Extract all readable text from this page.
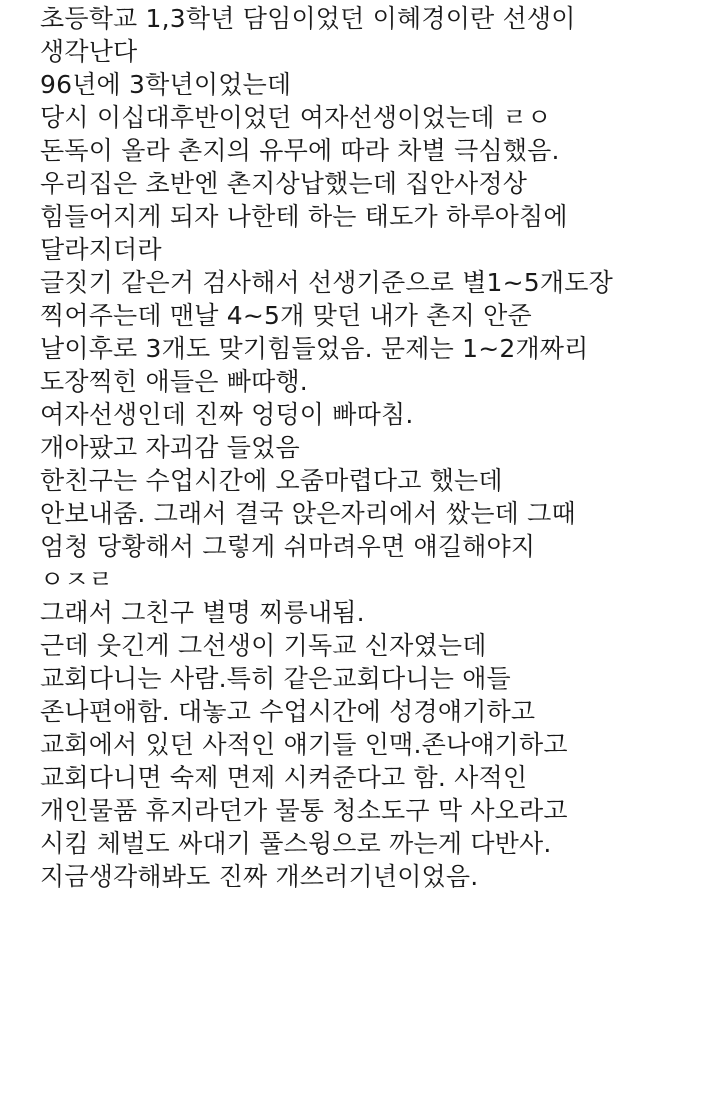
초등학교 1,3학년 담임이었던 이혜경이란 선생이
생각난다
96년에 3학년이었는데
당시 이십대후반이었던 여자선생이었는데 ㄹㅇ
돈독이 올라 촌지의 유무에 따라 차별 극심했음.
우리집은 초반엔 촌지상납했는데 집안사정상
힘들어지게 되자 나한테 하는 태도가 하루아침에
달라지더라
글짓기 같은거 검사해서 선생기준으로 별1~5개도장
찍어주는데 맨날 4~5개 맞던 내가 촌지 안준
날이후로 3개도 맞기힘들었음. 문제는 1~2개짜리
도장찍힌 애들은 빠따행.
여자선생인데 진짜 엉덩이 빠따침.
개아팠고 자괴감 들었음
한친구는 수업시간에 오줌마렵다고 했는데
안보내줌. 그래서 결국 앉은자리에서 쌌는데 그때
엄청 당황해서 그렇게 쉬마려우면 얘길해야지
ㅇㅈㄹ
그래서 그친구 별명 찌릉내됨.
근데 웃긴게 그선생이 기독교 신자였는데
교회다니는 사람.특히 같은교회다니는 애들
존나편애함. 대놓고 수업시간에 성경얘기하고
교회에서 있던 사적인 얘기들 인맥.존나얘기하고
교회다니면 숙제 면제 시켜준다고 함. 사적인
개인물품 휴지라던가 물통 청소도구 막 사오라고
시킴 체벌도 싸대기 풀스윙으로 까는게 다반사.
지금생각해봐도 진짜 개쓰러기년이었음.
